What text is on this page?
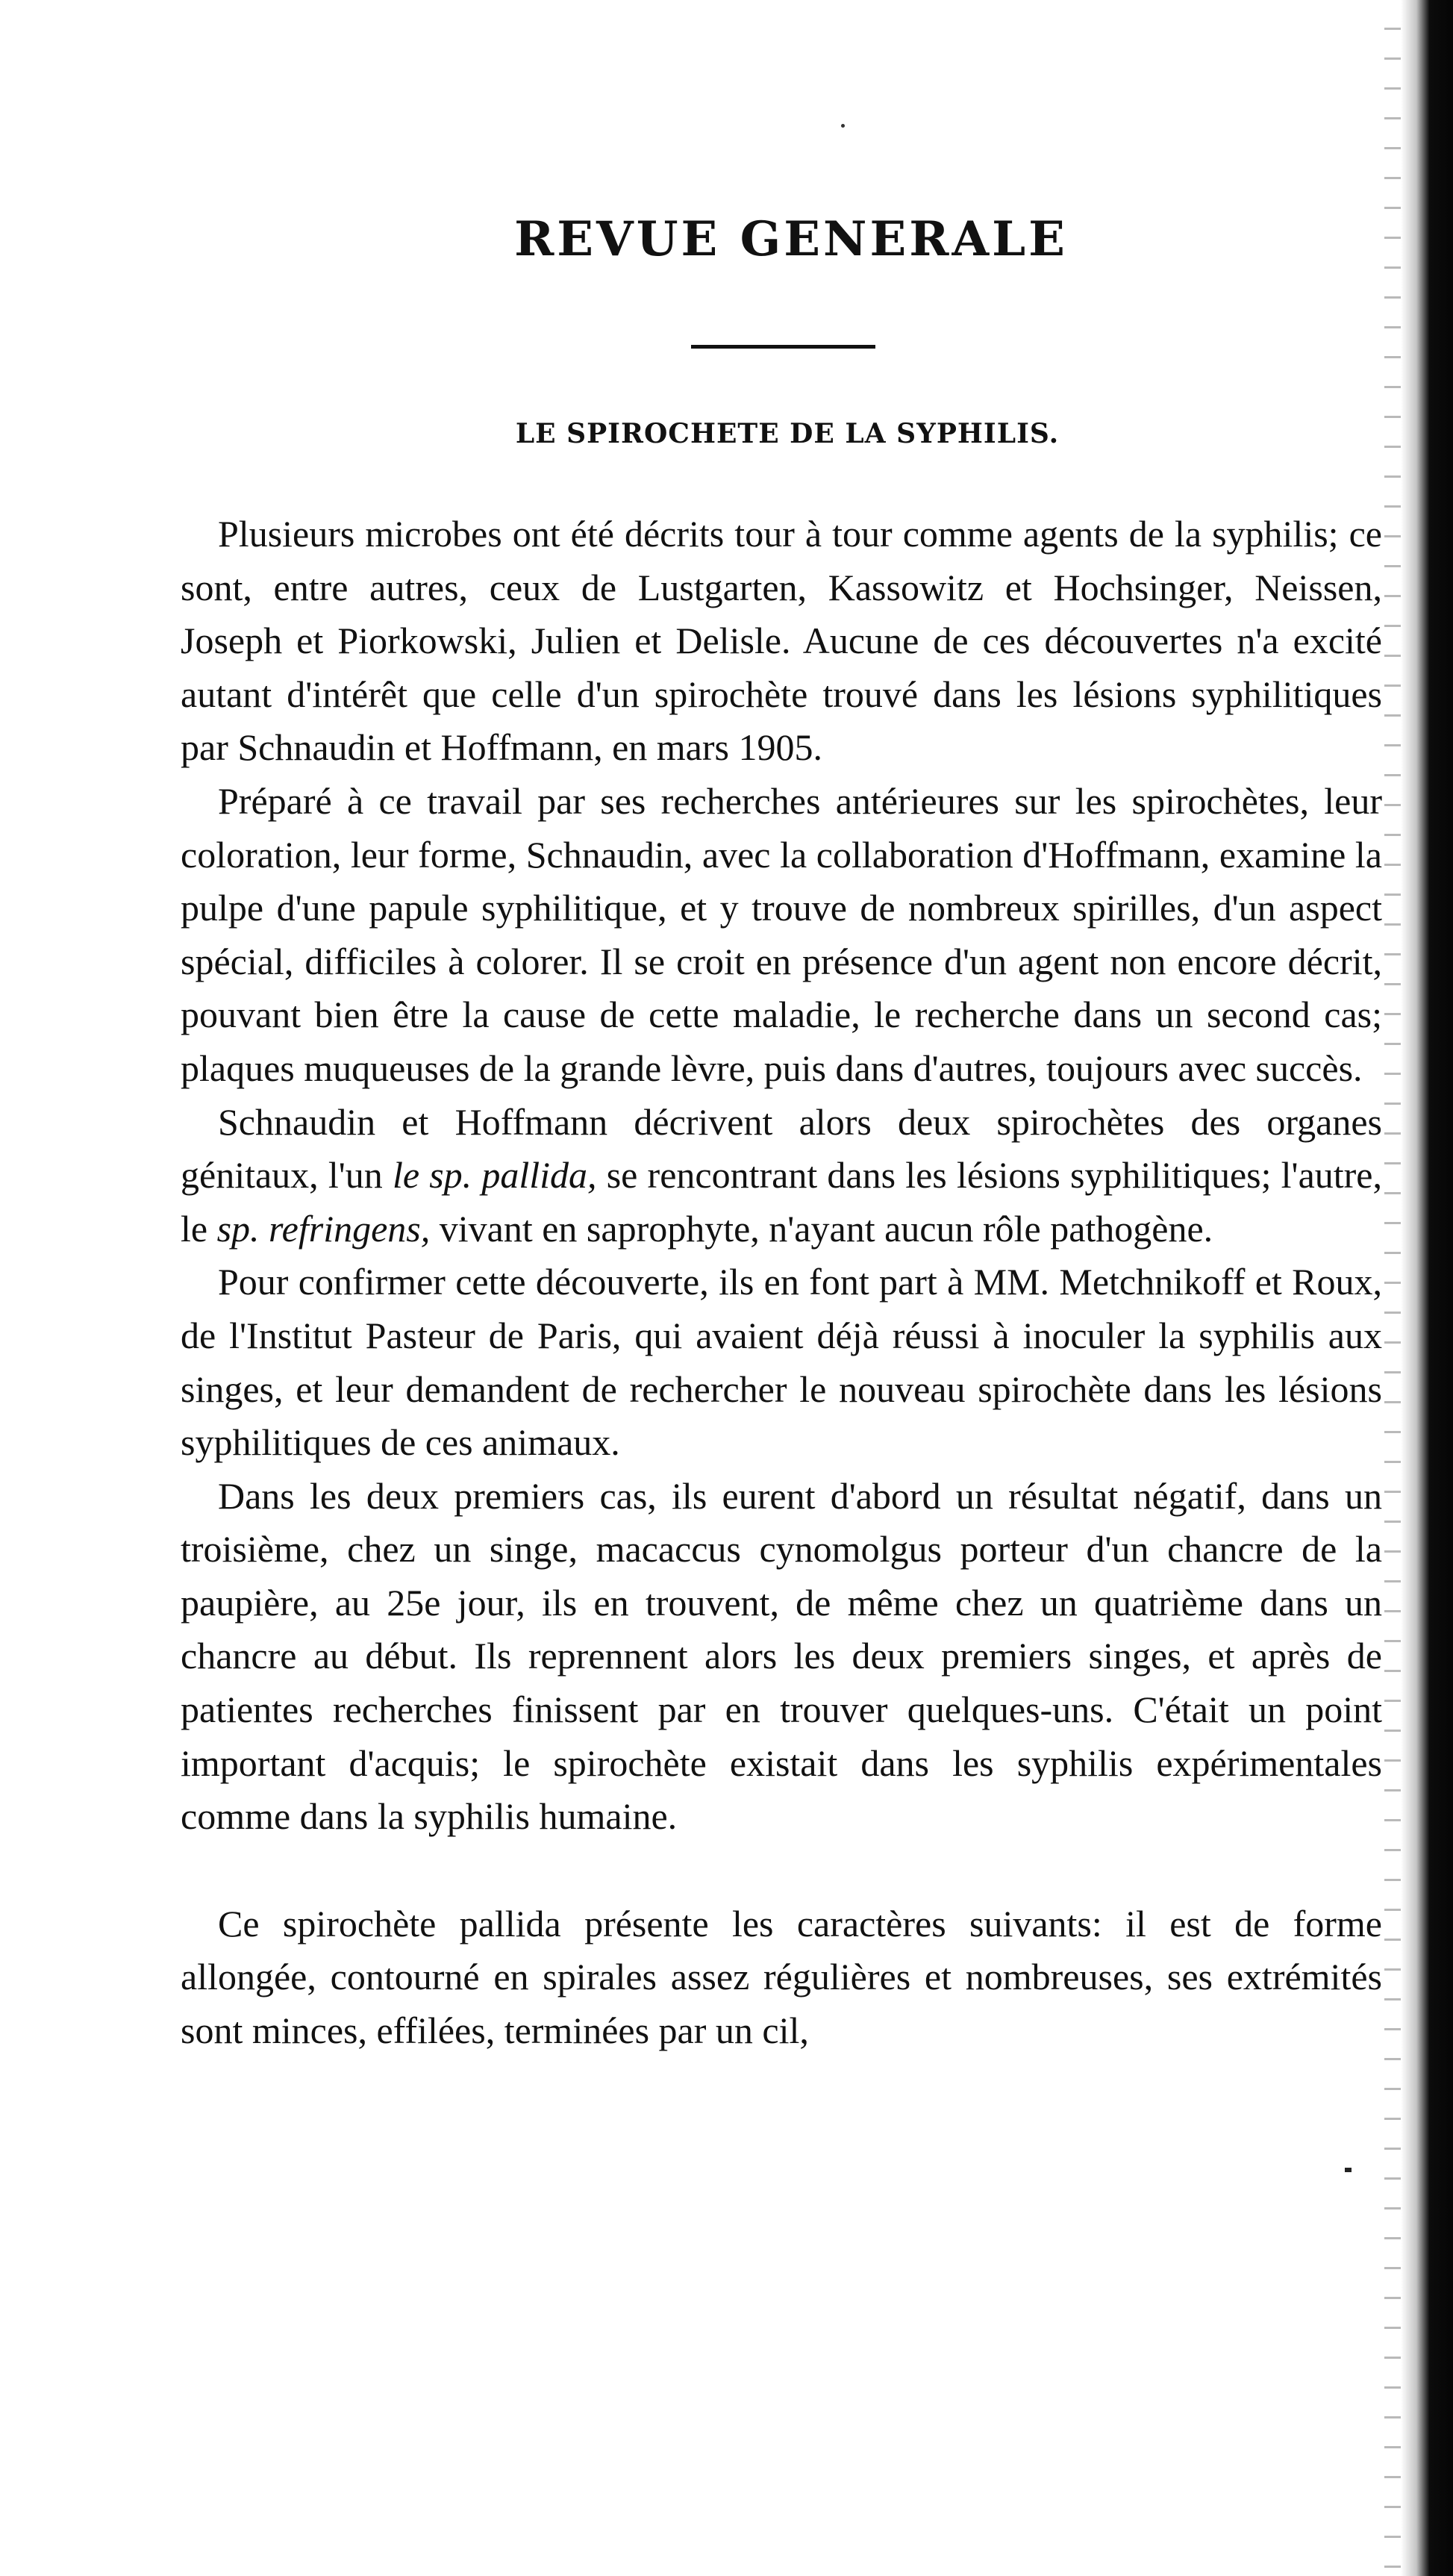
REVUE GENERALE
LE SPIROCHETE DE LA SYPHILIS.

Plusieurs microbes ont été décrits tour à tour comme agents de la syphilis; ce sont, entre autres, ceux de Lustgarten, Kassowitz et Hochsinger, Neissen, Joseph et Piorkowski, Julien et Delisle. Aucune de ces découvertes n'a excité autant d'intérêt que celle d'un spirochète trouvé dans les lésions syphilitiques par Schnaudin et Hoffmann, en mars 1905.

Préparé à ce travail par ses recherches antérieures sur les spirochètes, leur coloration, leur forme, Schnaudin, avec la collaboration d'Hoffmann, examine la pulpe d'une papule syphilitique, et y trouve de nombreux spirilles, d'un aspect spécial, difficiles à colorer. Il se croit en présence d'un agent non encore décrit, pouvant bien être la cause de cette maladie, le recherche dans un second cas; plaques muqueuses de la grande lèvre, puis dans d'autres, toujours avec succès.

Schnaudin et Hoffmann décrivent alors deux spirochètes des organes génitaux, l'un le sp. pallida, se rencontrant dans les lésions syphilitiques; l'autre, le sp. refringens, vivant en saprophyte, n'ayant aucun rôle pathogène.

Pour confirmer cette découverte, ils en font part à MM. Metchnikoff et Roux, de l'Institut Pasteur de Paris, qui avaient déjà réussi à inoculer la syphilis aux singes, et leur demandent de rechercher le nouveau spirochète dans les lésions syphilitiques de ces animaux.

Dans les deux premiers cas, ils eurent d'abord un résultat négatif, dans un troisième, chez un singe, macaccus cynomolgus porteur d'un chancre de la paupière, au 25e jour, ils en trouvent, de même chez un quatrième dans un chancre au début. Ils reprennent alors les deux premiers singes, et après de patientes recherches finissent par en trouver quelques-uns. C'était un point important d'acquis; le spirochète existait dans les syphilis expérimentales comme dans la syphilis humaine.

Ce spirochète pallida présente les caractères suivants: il est de forme allongée, contourné en spirales assez régulières et nombreuses, ses extrémités sont minces, effilées, terminées par un cil,
